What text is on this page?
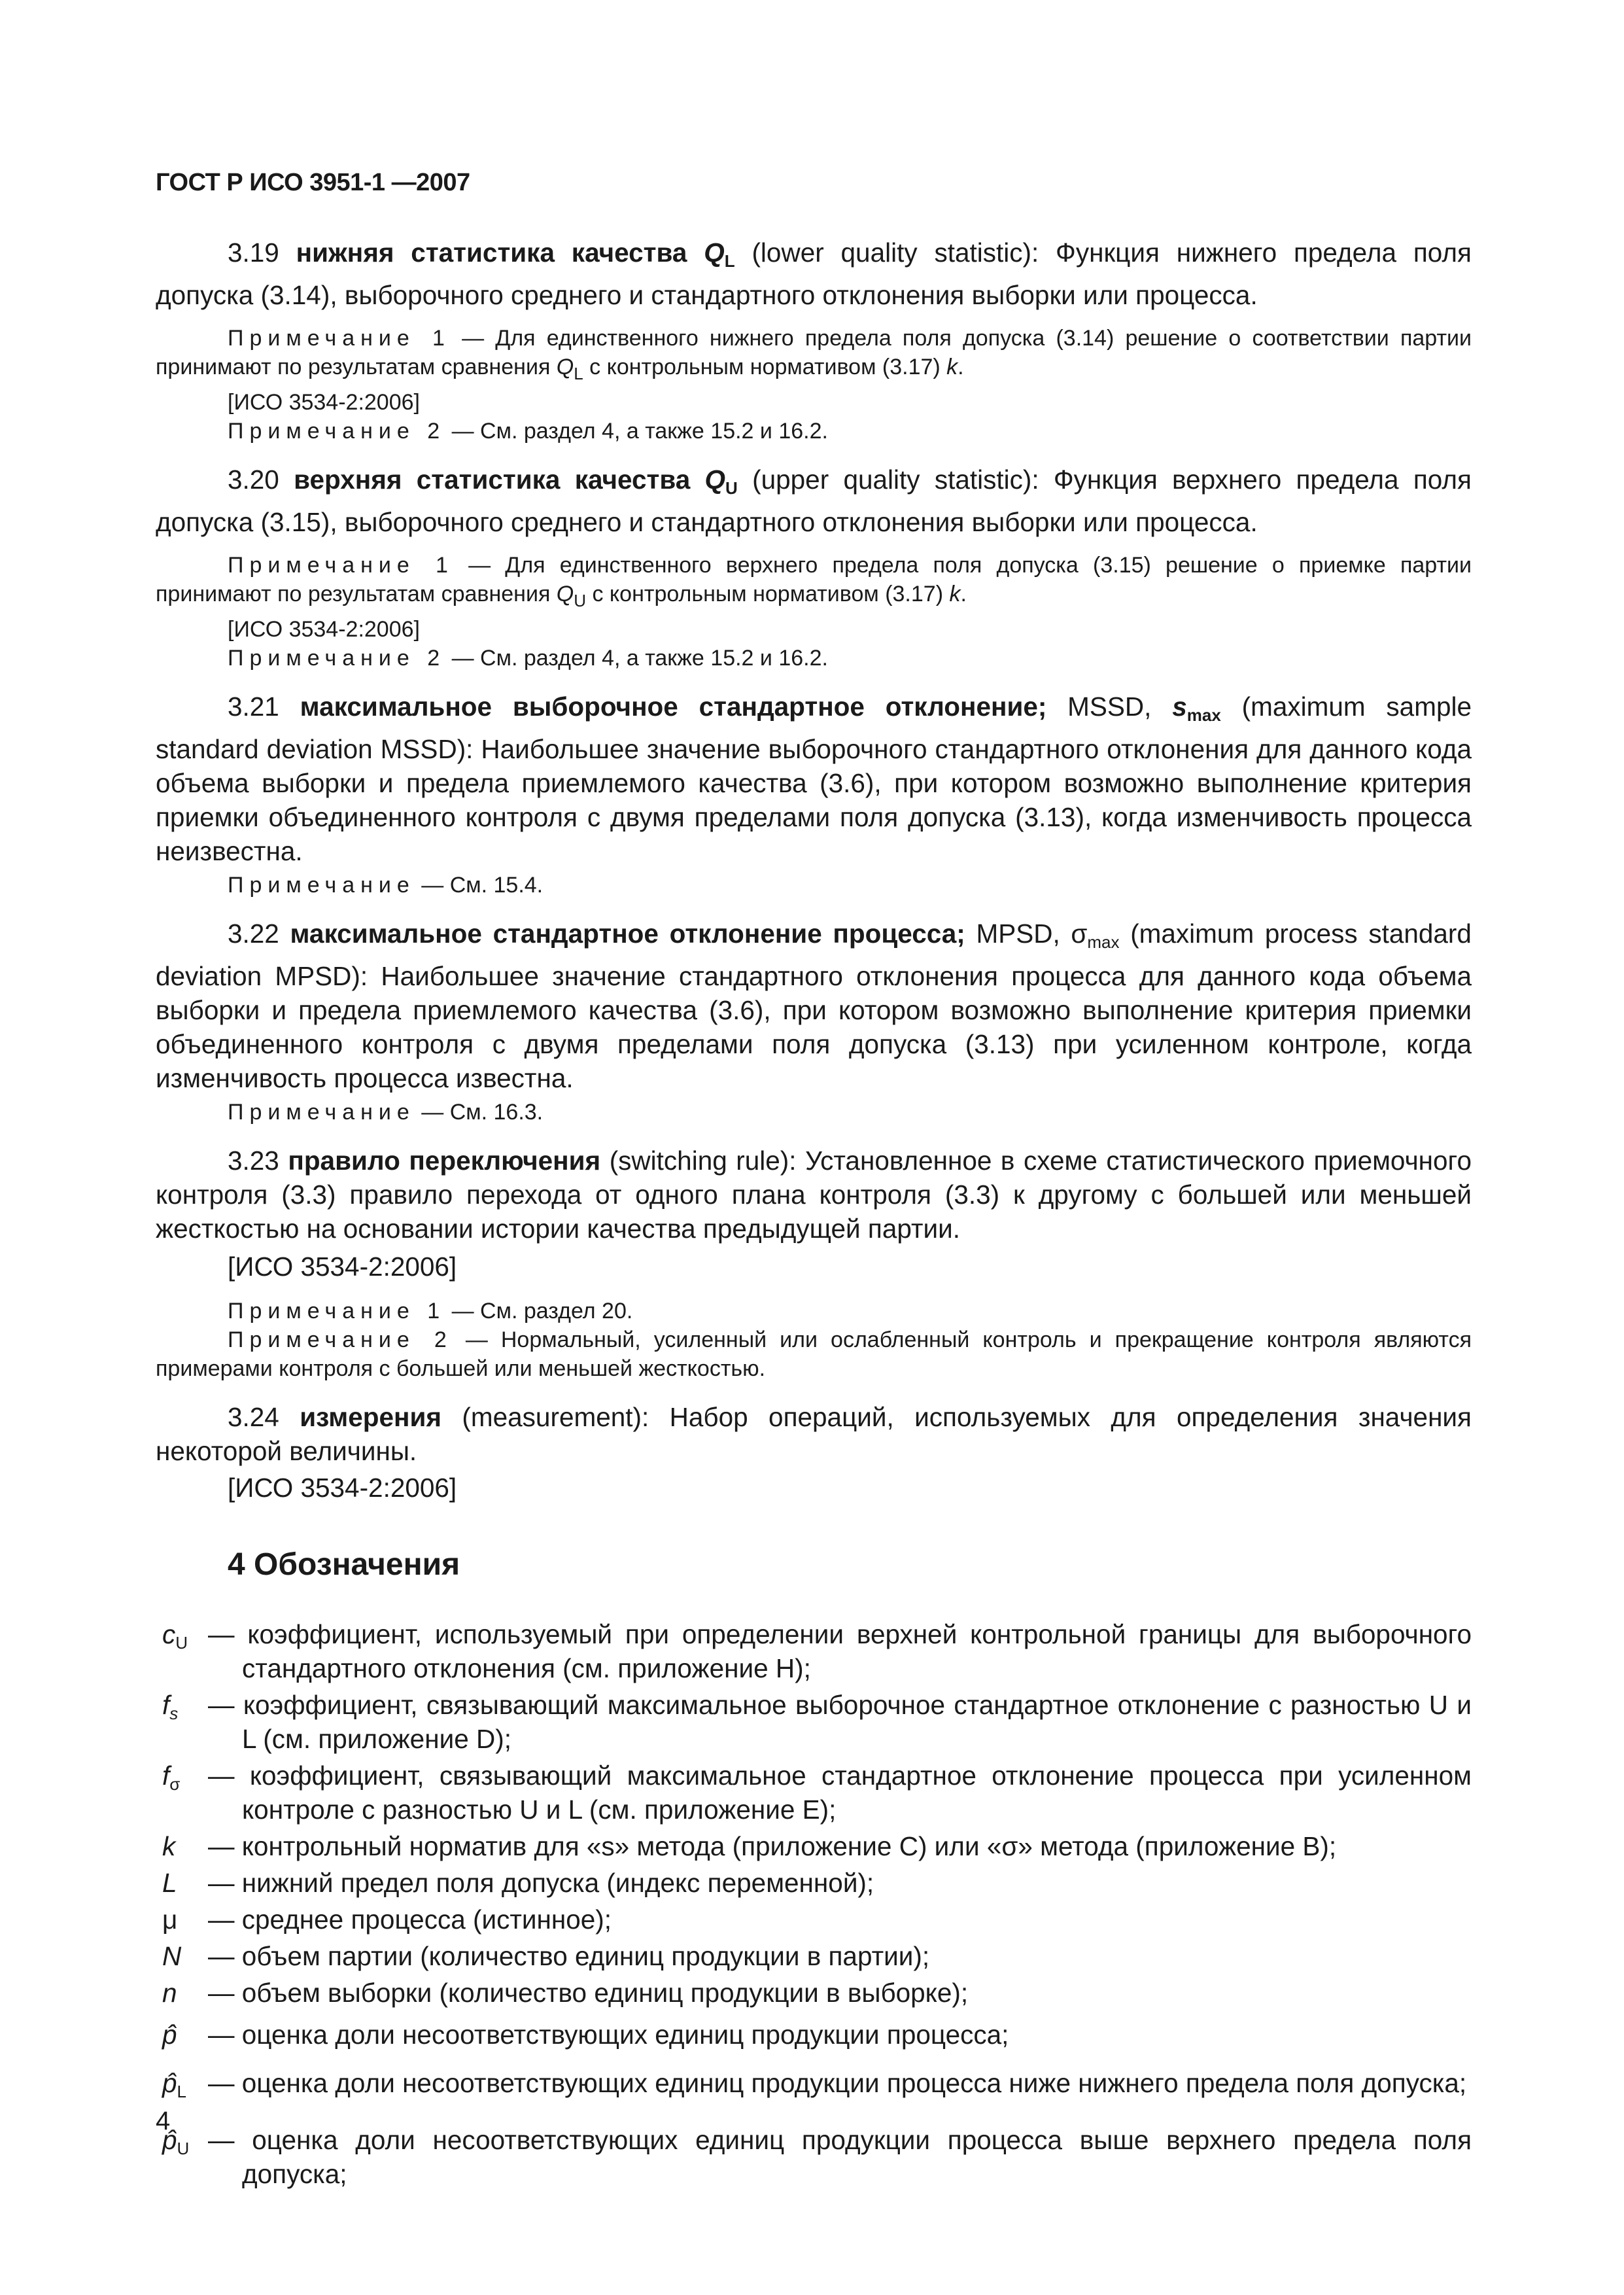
ГОСТ Р ИСО 3951-1 —2007

3.19 нижняя статистика качества $Q_L$ (lower quality statistic): Функция нижнего предела поля допуска (3.14), выборочного среднего и стандартного отклонения выборки или процесса.

Примечание 1 — Для единственного нижнего предела поля допуска (3.14) решение о соответствии партии принимают по результатам сравнения $Q_L$ с контрольным нормативом (3.17) k.

[ИСО 3534-2:2006]

Примечание 2 — См. раздел 4, а также 15.2 и 16.2.

3.20 верхняя статистика качества $Q_U$ (upper quality statistic): Функция верхнего предела поля допуска (3.15), выборочного среднего и стандартного отклонения выборки или процесса.

Примечание 1 — Для единственного верхнего предела поля допуска (3.15) решение о приемке партии принимают по результатам сравнения $Q_U$ с контрольным нормативом (3.17) k.

[ИСО 3534-2:2006]

Примечание 2 — См. раздел 4, а также 15.2 и 16.2.

3.21 максимальное выборочное стандартное отклонение; MSSD, $s_{max}$ (maximum sample standard deviation MSSD): Наибольшее значение выборочного стандартного отклонения для данного кода объема выборки и предела приемлемого качества (3.6), при котором возможно выполнение критерия приемки объединенного контроля с двумя пределами поля допуска (3.13), когда изменчивость процесса неизвестна.

Примечание — См. 15.4.

3.22 максимальное стандартное отклонение процесса; MPSD, $\sigma_{max}$ (maximum process standard deviation MPSD): Наибольшее значение стандартного отклонения процесса для данного кода объема выборки и предела приемлемого качества (3.6), при котором возможно выполнение критерия приемки объединенного контроля с двумя пределами поля допуска (3.13) при усиленном контроле, когда изменчивость процесса известна.

Примечание — См. 16.3.

3.23 правило переключения (switching rule): Установленное в схеме статистического приемочного контроля (3.3) правило перехода от одного плана контроля (3.3) к другому с большей или меньшей жесткостью на основании истории качества предыдущей партии.

[ИСО 3534-2:2006]

Примечание 1 — См. раздел 20.

Примечание 2 — Нормальный, усиленный или ослабленный контроль и прекращение контроля являются примерами контроля с большей или меньшей жесткостью.

3.24 измерения (measurement): Набор операций, используемых для определения значения некоторой величины.

[ИСО 3534-2:2006]

4 Обозначения

$c_U$ — коэффициент, используемый при определении верхней контрольной границы для выборочного стандартного отклонения (см. приложение H);
$f_s$	— коэффициент, связывающий максимальное выборочное стандартное отклонение с разностью U и L (см. приложение D);
$f_\sigma$	— коэффициент, связывающий максимальное стандартное отклонение процесса при усиленном контроле с разностью U и L (см. приложение E);
k	— контрольный норматив для «s» метода (приложение C) или «σ» метода (приложение B);
L	— нижний предел поля допуска (индекс переменной);
μ	— среднее процесса (истинное);
N	— объем партии (количество единиц продукции в партии);
n	— объем выборки (количество единиц продукции в выборке);
p̂	— оценка доли несоответствующих единиц продукции процесса;
$p̂_L$ — оценка доли несоответствующих единиц продукции процесса ниже нижнего предела поля допуска;
$p̂_U$ — оценка доли несоответствующих единиц продукции процесса выше верхнего предела поля допуска;
4
